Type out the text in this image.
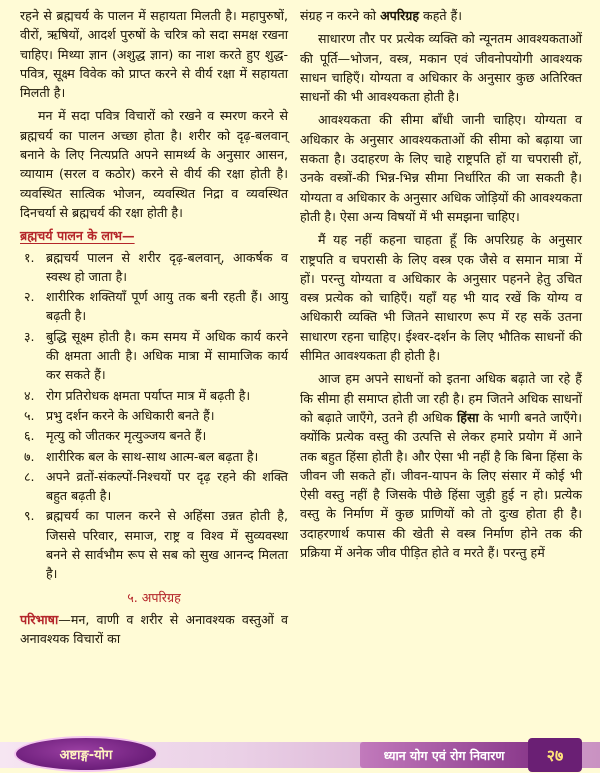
रहने से ब्रह्मचर्य के पालन में सहायता मिलती है। महापुरुषों, वीरों, ऋषियों, आदर्श पुरुषों के चरित्र को सदा समक्ष रखना चाहिए। मिथ्या ज्ञान (अशुद्ध ज्ञान) का नाश करते हुए शुद्ध-पवित्र, सूक्ष्म विवेक को प्राप्त करने से वीर्य रक्षा में सहायता मिलती है।

मन में सदा पवित्र विचारों को रखने व स्मरण करने से ब्रह्मचर्य का पालन अच्छा होता है। शरीर को दृढ़-बलवान् बनाने के लिए नित्यप्रति अपने सामर्थ्य के अनुसार आसन, व्यायाम (सरल व कठोर) करने से वीर्य की रक्षा होती है। व्यवस्थित सात्विक भोजन, व्यवस्थित निद्रा व व्यवस्थित दिनचर्या से ब्रह्मचर्य की रक्षा होती है।

ब्रह्मचर्य पालन के लाभ—
१. ब्रह्मचर्य पालन से शरीर दृढ़-बलवान्, आकर्षक व स्वस्थ हो जाता है।
२. शारीरिक शक्तियाँ पूर्ण आयु तक बनी रहती हैं। आयु बढ़ती है।
३. बुद्धि सूक्ष्म होती है। कम समय में अधिक कार्य करने की क्षमता आती है। अधिक मात्रा में सामाजिक कार्य कर सकते हैं।
४. रोग प्रतिरोधक क्षमता पर्याप्त मात्र में बढ़ती है।
५. प्रभु दर्शन करने के अधिकारी बनते हैं।
६. मृत्यु को जीतकर मृत्युञ्जय बनते हैं।
७. शारीरिक बल के साथ-साथ आत्म-बल बढ़ता है।
८. अपने व्रतों-संकल्पों-निश्चयों पर दृढ़ रहने की शक्ति बहुत बढ़ती है।
९. ब्रह्मचर्य का पालन करने से अहिंसा उन्नत होती है, जिससे परिवार, समाज, राष्ट्र व विश्व में सुव्यवस्था बनने से सार्वभौम रूप से सब को सुख आनन्द मिलता है।
५. अपरिग्रह

परिभाषा—मन, वाणी व शरीर से अनावश्यक वस्तुओं व अनावश्यक विचारों का

संग्रह न करने को अपरिग्रह कहते हैं।

साधारण तौर पर प्रत्येक व्यक्ति को न्यूनतम आवश्यकताओं की पूर्ति—भोजन, वस्त्र, मकान एवं जीवनोपयोगी आवश्यक साधन चाहिएँ। योग्यता व अधिकार के अनुसार कुछ अतिरिक्त साधनों की भी आवश्यकता होती है।

आवश्यकता की सीमा बाँधी जानी चाहिए। योग्यता व अधिकार के अनुसार आवश्यकताओं की सीमा को बढ़ाया जा सकता है। उदाहरण के लिए चाहे राष्ट्रपति हों या चपरासी हों, उनके वस्त्रों-की भिन्न-भिन्न सीमा निर्धारित की जा सकती है। योग्यता व अधिकार के अनुसार अधिक जोड़ियों की आवश्यकता होती है। ऐसा अन्य विषयों में भी समझना चाहिए।

मैं यह नहीं कहना चाहता हूँ कि अपरिग्रह के अनुसार राष्ट्रपति व चपरासी के लिए वस्त्र एक जैसे व समान मात्रा में हों। परन्तु योग्यता व अधिकार के अनुसार पहनने हेतु उचित वस्त्र प्रत्येक को चाहिएँ। यहाँ यह भी याद रखें कि योग्य व अधिकारी व्यक्ति भी जितने साधारण रूप में रह सकें उतना साधारण रहना चाहिए। ईश्वर-दर्शन के लिए भौतिक साधनों की सीमित आवश्यकता ही होती है।

आज हम अपने साधनों को इतना अधिक बढ़ाते जा रहे हैं कि सीमा ही समाप्त होती जा रही है। हम जितने अधिक साधनों को बढ़ाते जाएँगे, उतने ही अधिक हिंसा के भागी बनते जाएँगे। क्योंकि प्रत्येक वस्तु की उत्पत्ति से लेकर हमारे प्रयोग में आने तक बहुत हिंसा होती है। और ऐसा भी नहीं है कि बिना हिंसा के जीवन जी सकते हों। जीवन-यापन के लिए संसार में कोई भी ऐसी वस्तु नहीं है जिसके पीछे हिंसा जुड़ी हुई न हो। प्रत्येक वस्तु के निर्माण में कुछ प्राणियों को तो दुःख होता ही है। उदाहरणार्थ कपास की खेती से वस्त्र निर्माण होने तक की प्रक्रिया में अनेक जीव पीड़ित होते व मरते हैं। परन्तु हमें

अष्टाङ्ग-योग	ध्यान योग एवं रोग निवारण	२७
